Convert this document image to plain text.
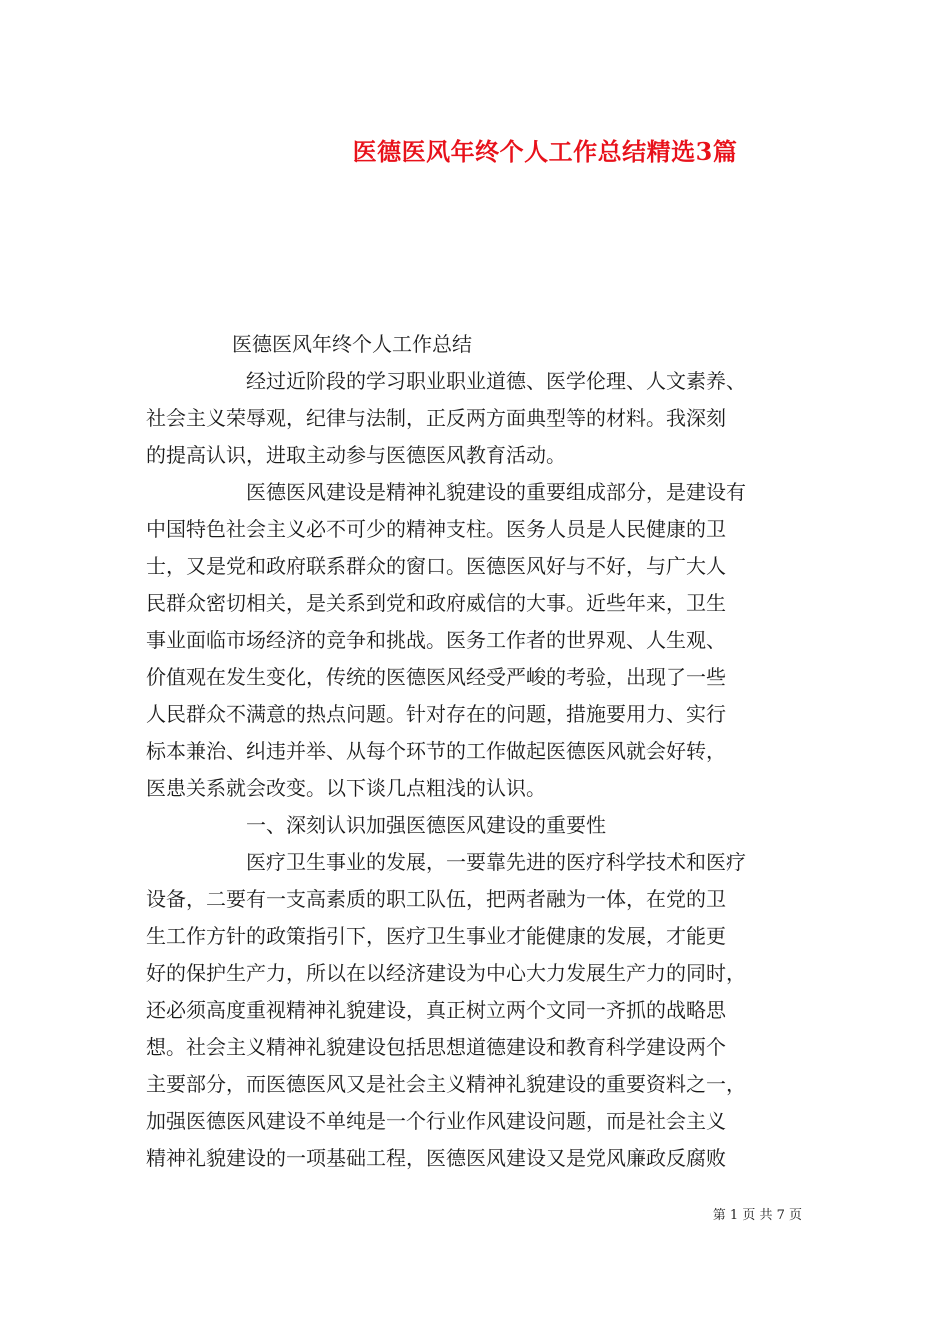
医德医风年终个人工作总结精选3篇
医德医风年终个人工作总结
经过近阶段的学习职业职业道德、医学伦理、人文素养、
社会主义荣辱观，纪律与法制，正反两方面典型等的材料。我深刻
的提高认识，进取主动参与医德医风教育活动。
医德医风建设是精神礼貌建设的重要组成部分，是建设有
中国特色社会主义必不可少的精神支柱。医务人员是人民健康的卫
士，又是党和政府联系群众的窗口。医德医风好与不好，与广大人
民群众密切相关，是关系到党和政府威信的大事。近些年来，卫生
事业面临市场经济的竞争和挑战。医务工作者的世界观、人生观、
价值观在发生变化，传统的医德医风经受严峻的考验，出现了一些
人民群众不满意的热点问题。针对存在的问题，措施要用力、实行
标本兼治、纠违并举、从每个环节的工作做起医德医风就会好转，
医患关系就会改变。以下谈几点粗浅的认识。
一、深刻认识加强医德医风建设的重要性
医疗卫生事业的发展，一要靠先进的医疗科学技术和医疗
设备，二要有一支高素质的职工队伍，把两者融为一体，在党的卫
生工作方针的政策指引下，医疗卫生事业才能健康的发展，才能更
好的保护生产力，所以在以经济建设为中心大力发展生产力的同时，
还必须高度重视精神礼貌建设，真正树立两个文同一齐抓的战略思
想。社会主义精神礼貌建设包括思想道德建设和教育科学建设两个
主要部分，而医德医风又是社会主义精神礼貌建设的重要资料之一，
加强医德医风建设不单纯是一个行业作风建设问题，而是社会主义
精神礼貌建设的一项基础工程，医德医风建设又是党风廉政反腐败
第 1 页 共 7 页
